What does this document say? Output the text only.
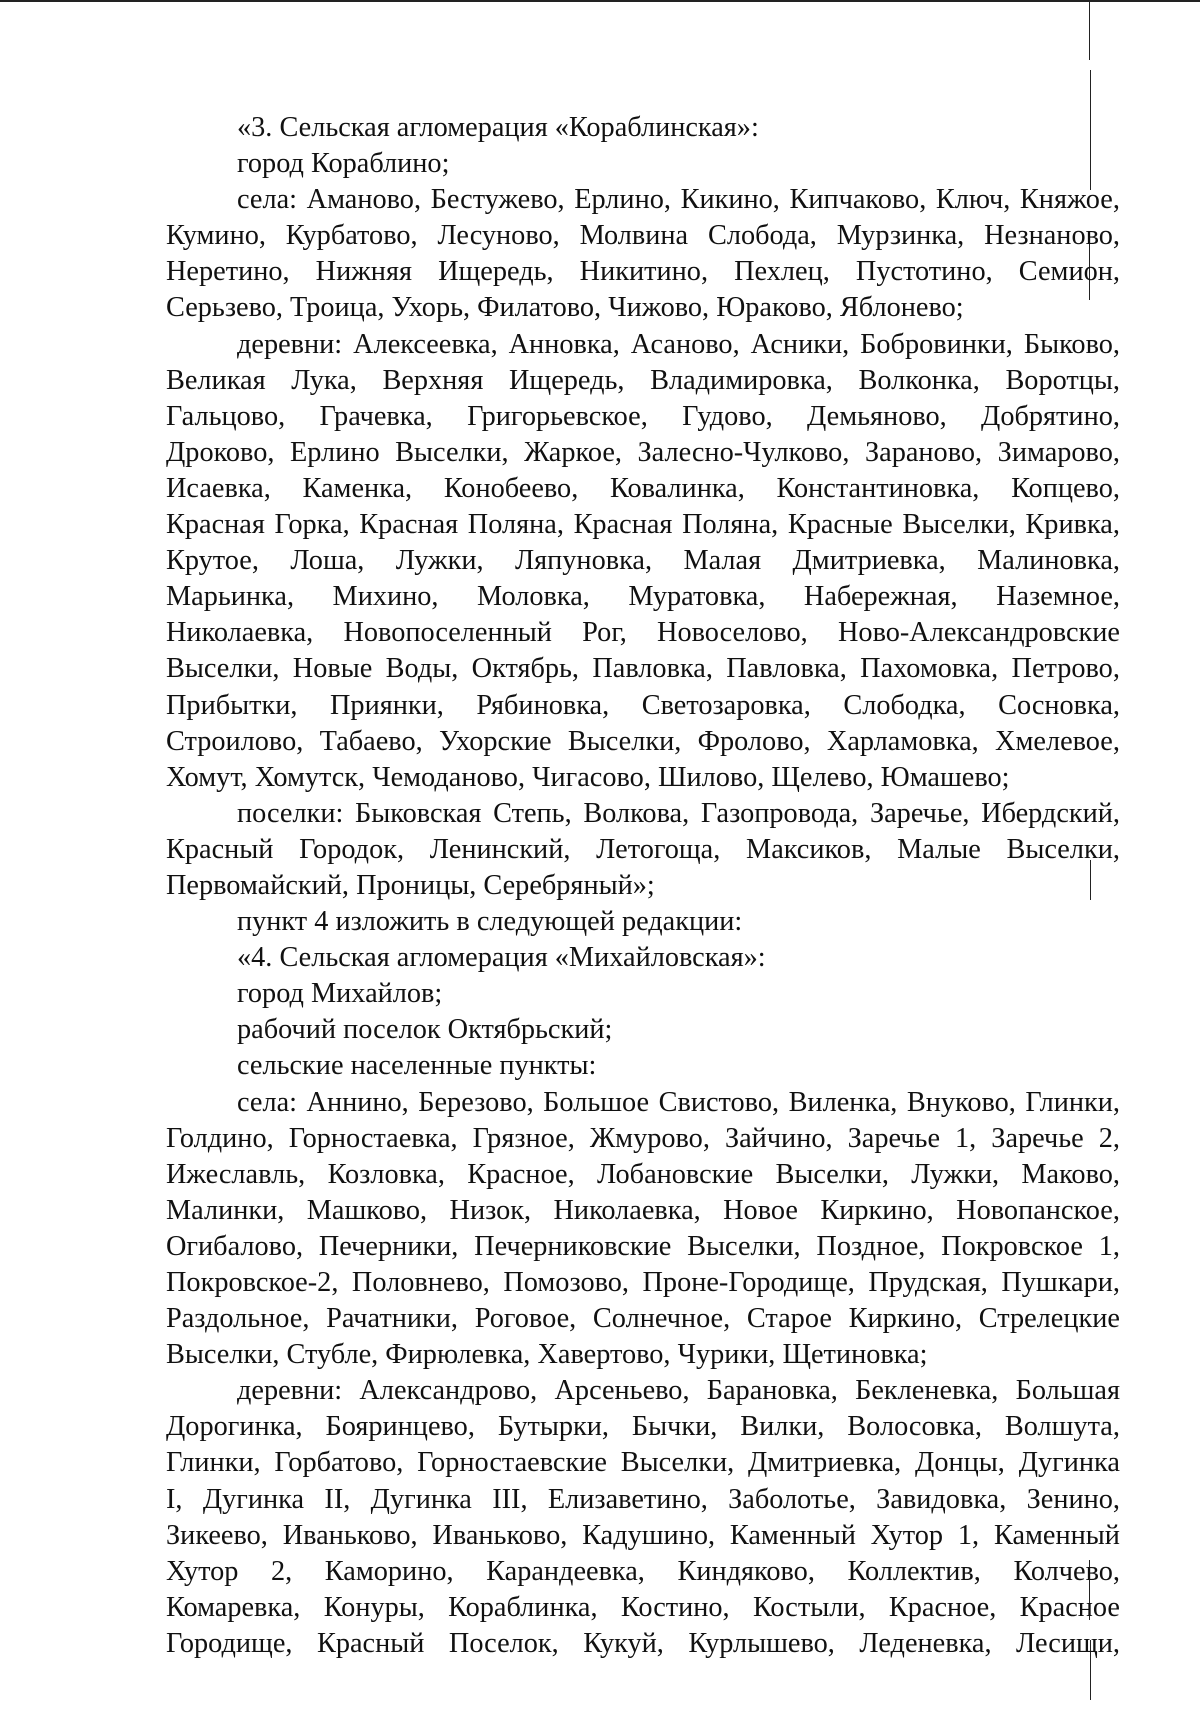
«3. Сельская агломерация «Кораблинская»:
город Кораблино;
села: Аманово, Бестужево, Ерлино, Кикино, Кипчаково, Ключ, Княжое,
Кумино, Курбатово, Лесуново, Молвина Слобода, Мурзинка, Незнаново,
Неретино, Нижняя Ищередь, Никитино, Пехлец, Пустотино, Семион,
Серьзево, Троица, Ухорь, Филатово, Чижово, Юраково, Яблонево;
деревни: Алексеевка, Анновка, Асаново, Асники, Бобровинки, Быково,
Великая Лука, Верхняя Ищередь, Владимировка, Волконка, Воротцы,
Гальцово, Грачевка, Григорьевское, Гудово, Демьяново, Добрятино,
Дроково, Ерлино Выселки, Жаркое, Залесно-Чулково, Зараново, Зимарово,
Исаевка, Каменка, Конобеево, Ковалинка, Константиновка, Копцево,
Красная Горка, Красная Поляна, Красная Поляна, Красные Выселки, Кривка,
Крутое, Лоша, Лужки, Ляпуновка, Малая Дмитриевка, Малиновка,
Марьинка, Михино, Моловка, Муратовка, Набережная, Наземное,
Николаевка, Новопоселенный Рог, Новоселово, Ново-Александровские
Выселки, Новые Воды, Октябрь, Павловка, Павловка, Пахомовка, Петрово,
Прибытки, Приянки, Рябиновка, Светозаровка, Слободка, Сосновка,
Строилово, Табаево, Ухорские Выселки, Фролово, Харламовка, Хмелевое,
Хомут, Хомутск, Чемоданово, Чигасово, Шилово, Щелево, Юмашево;
поселки: Быковская Степь, Волкова, Газопровода, Заречье, Ибердский,
Красный Городок, Ленинский, Летогоща, Максиков, Малые Выселки,
Первомайский, Проницы, Серебряный»;
пункт 4 изложить в следующей редакции:
«4. Сельская агломерация «Михайловская»:
город Михайлов;
рабочий поселок Октябрьский;
сельские населенные пункты:
села: Аннино, Березово, Большое Свистово, Виленка, Внуково, Глинки,
Голдино, Горностаевка, Грязное, Жмурово, Зайчино, Заречье 1, Заречье 2,
Ижеславль, Козловка, Красное, Лобановские Выселки, Лужки, Маково,
Малинки, Машково, Низок, Николаевка, Новое Киркино, Новопанское,
Огибалово, Печерники, Печерниковские Выселки, Поздное, Покровское 1,
Покровское-2, Половнево, Помозово, Проне-Городище, Прудская, Пушкари,
Раздольное, Рачатники, Роговое, Солнечное, Старое Киркино, Стрелецкие
Выселки, Стубле, Фирюлевка, Хавертово, Чурики, Щетиновка;
деревни: Александрово, Арсеньево, Барановка, Бекленевка, Большая
Дорогинка, Бояринцево, Бутырки, Бычки, Вилки, Волосовка, Волшута,
Глинки, Горбатово, Горностаевские Выселки, Дмитриевка, Донцы, Дугинка
I, Дугинка II, Дугинка III, Елизаветино, Заболотье, Завидовка, Зенино,
Зикеево, Иваньково, Иваньково, Кадушино, Каменный Хутор 1, Каменный
Хутор 2, Каморино, Карандеевка, Киндяково, Коллектив, Колчево,
Комаревка, Конуры, Кораблинка, Костино, Костыли, Красное, Красное
Городище, Красный Поселок, Кукуй, Курлышево, Леденевка, Лесищи,
